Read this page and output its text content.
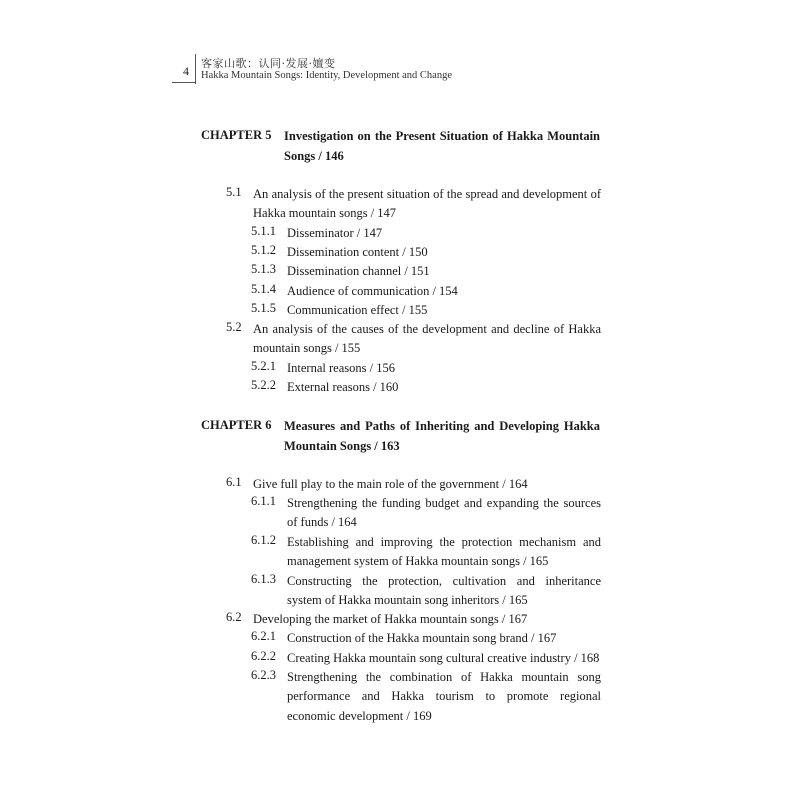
4
客家山歌：认同·发展·嬗变
Hakka Mountain Songs: Identity, Development and Change
CHAPTER 5 Investigation on the Present Situation of Hakka Mountain Songs / 146
5.1 An analysis of the present situation of the spread and development of Hakka mountain songs / 147
5.1.1 Disseminator / 147
5.1.2 Dissemination content / 150
5.1.3 Dissemination channel / 151
5.1.4 Audience of communication / 154
5.1.5 Communication effect / 155
5.2 An analysis of the causes of the development and decline of Hakka mountain songs / 155
5.2.1 Internal reasons / 156
5.2.2 External reasons / 160
CHAPTER 6 Measures and Paths of Inheriting and Developing Hakka Mountain Songs / 163
6.1 Give full play to the main role of the government / 164
6.1.1 Strengthening the funding budget and expanding the sources of funds / 164
6.1.2 Establishing and improving the protection mechanism and management system of Hakka mountain songs / 165
6.1.3 Constructing the protection, cultivation and inheritance system of Hakka mountain song inheritors / 165
6.2 Developing the market of Hakka mountain songs / 167
6.2.1 Construction of the Hakka mountain song brand / 167
6.2.2 Creating Hakka mountain song cultural creative industry / 168
6.2.3 Strengthening the combination of Hakka mountain song performance and Hakka tourism to promote regional economic development / 169
